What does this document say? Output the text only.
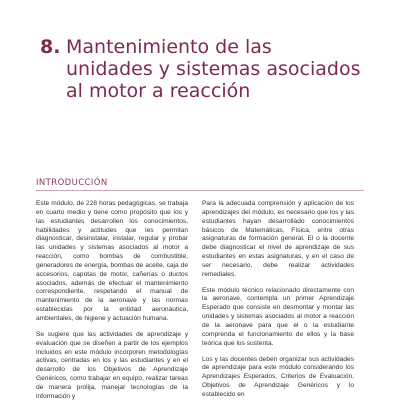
8. Mantenimiento de las
unidades y sistemas asociados
al motor a reacción
INTRODUCCIÓN

Este módulo, de 228 horas pedagógicas, se trabaja en cuarto medio y tiene como propósito que los y las estudiantes desarrollen los conocimientos, habilidades y actitudes que les permitan diagnosticar, desinstalar, instalar, regular y probar las unidades y sistemas asociados al motor a reacción, como bombas de combustible, generadores de energía, bombas de aceite, caja de accesorios, capotas de motor, cañerías o ductos asociados, además de efectuar el mantenimiento correspondiente, respetando el manual de mantenimiento de la aeronave y las normas establecidas por la entidad aeronáutica, ambientales, de higiene y actuación humana.

Se sugiere que las actividades de aprendizaje y evaluación que se diseñen a partir de los ejemplos incluidos en este módulo incorporen metodologías activas, centradas en los y las estudiantes y en el desarrollo de los Objetivos de Aprendizaje Genéricos, como trabajar en equipo, realizar tareas de manera prolija, manejar tecnologías de la información y

Para la adecuada comprensión y aplicación de los aprendizajes del módulo, es necesario que los y las estudiantes hayan desarrollado conocimientos básicos de Matemáticas, Física, entre otras asignaturas de formación general. El o la docente debe diagnosticar el nivel de aprendizaje de sus estudiantes en estas asignaturas, y en el caso de ser necesario, debe realizar actividades remediales.

Este módulo técnico relacionado directamente con la aeronave, contempla un primer Aprendizaje Esperado que consiste en desmontar y montar las unidades y sistemas asociados al motor a reacción de la aeronave para que el o la estudiante comprenda el funcionamiento de ellos y la base teórica que los sustenta.

Los y las docentes deben organizar sus actividades de aprendizaje para este módulo considerando los Aprendizajes Esperados, Criterios de Evaluación, Objetivos de Aprendizaje Genéricos y lo establecido en
